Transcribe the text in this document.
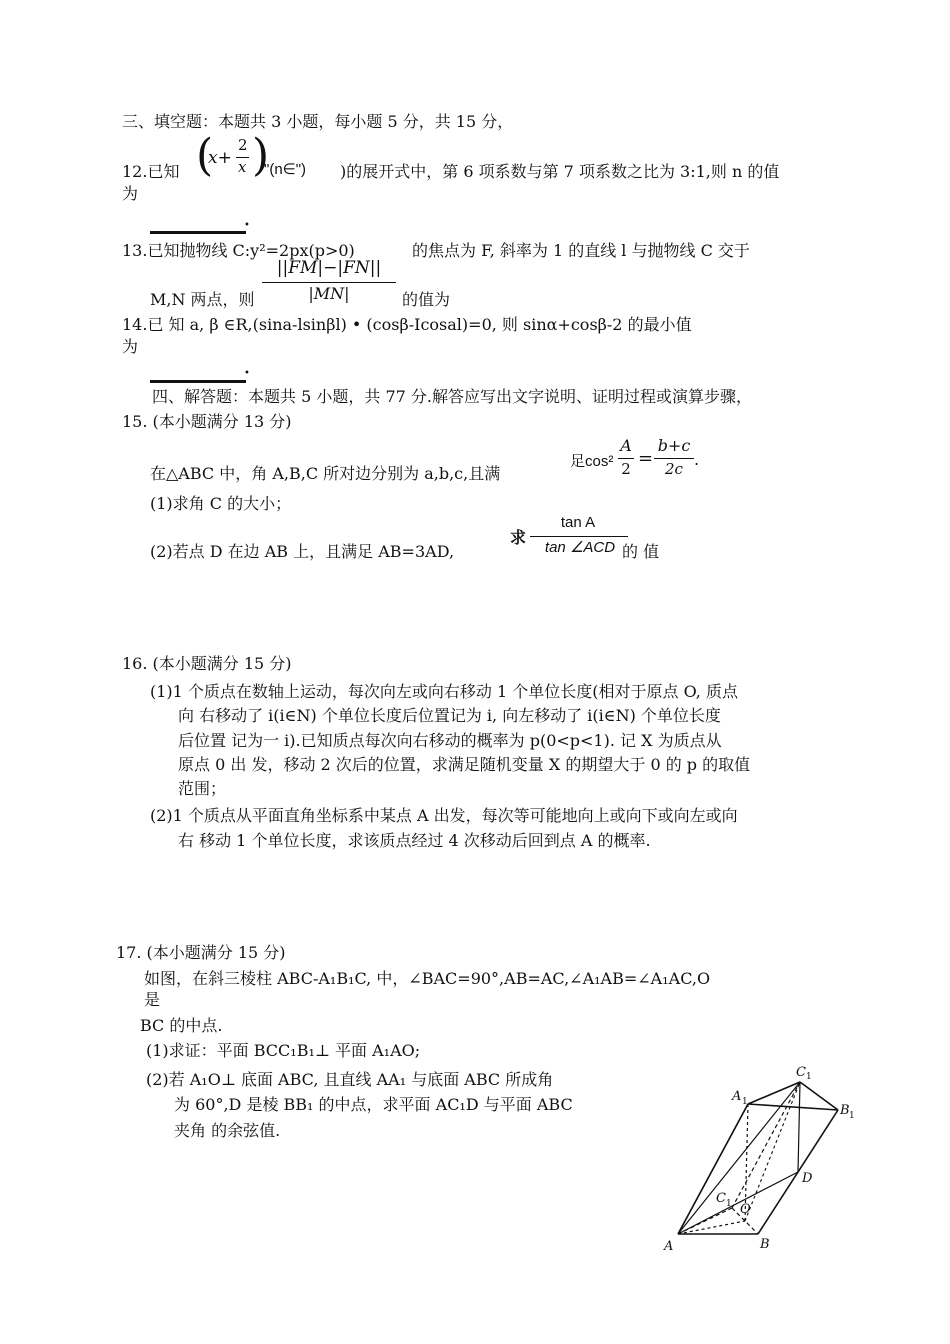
三、填空题：本题共 3 小题，每小题 5 分，共 15 分，
12.已知 (
x+
2
x )
"(n∈") )的展开式中，第 6 项系数与第 7 项系数之比为 3:1,则 n 的值
为
•
13.已知抛物线 C:y²=2px(p>0)	的焦点为 F, 斜率为 1 的直线 l 与抛物线 C 交于
M,N 两点，则
||FM|−|FN||
|MN|	的值为
14.已 知 a, β ∈R,(sina-lsinβl) • (cosβ-Icosal)=0, 则 sinα+cosβ-2 的最小值
为
•
四、解答题：本题共 5 小题，共 77 分.解答应写出文字说明、证明过程或演算步骤，
15. (本小题满分 13 分)
在△ABC 中，角 A,B,C 所对边分别为 a,b,c,且满
足cos²
A
2 =
b+c
2c .
(1)求角 C 的大小；
(2)若点 D 在边 AB 上，且满足 AB=3AD,
求
tan A
tan ∠ACD 的 值
16. (本小题满分 15 分)
(1)1 个质点在数轴上运动，每次向左或向右移动 1 个单位长度(相对于原点 O, 质点
向 右移动了 i(i∈N) 个单位长度后位置记为 i, 向左移动了 i(i∈N) 个单位长度
后位置 记为一 i).已知质点每次向右移动的概率为 p(0<p<1). 记 X 为质点从
原点 0 出 发，移动 2 次后的位置，求满足随机变量 X 的期望大于 0 的 p 的取值
范围；
(2)1 个质点从平面直角坐标系中某点 A 出发，每次等可能地向上或向下或向左或向
右 移动 1 个单位长度，求该质点经过 4 次移动后回到点 A 的概率.
17. (本小题满分 15 分)
如图，在斜三棱柱 ABC-A₁B₁C, 中，∠BAC=90°,AB=AC,∠A₁AB=∠A₁AC,O
是
BC 的中点.
(1)求证：平面 BCC₁B₁⊥ 平面 A₁AO;
(2)若 A₁O⊥ 底面 ABC, 且直线 AA₁ 与底面 ABC 所成角
为 60°,D 是棱 BB₁ 的中点，求平面 AC₁D 与平面 ABC
夹角 的余弦值.
A	B
C 1 O
D
A 1
B 1
C 1
